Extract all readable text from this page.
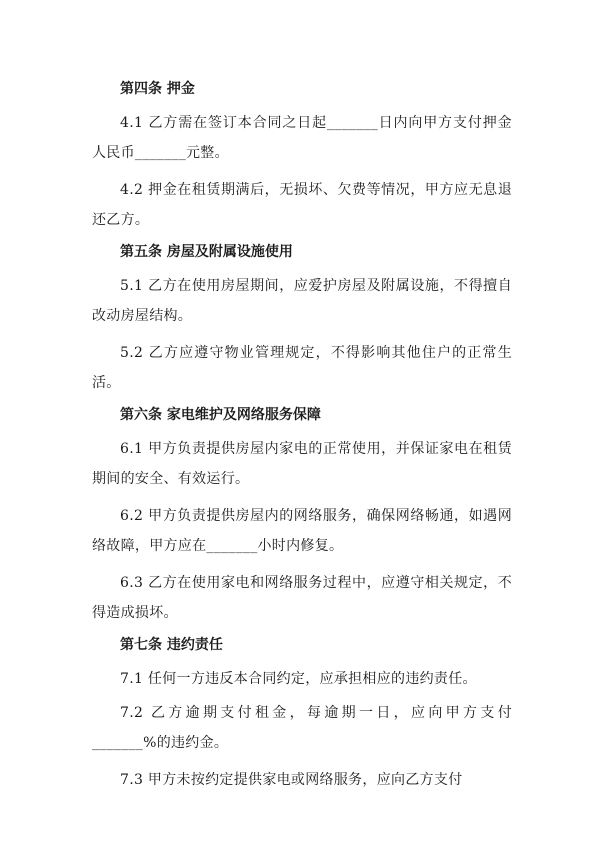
第四条 押金
4.1 乙方需在签订本合同之日起_______日内向甲方支付押金人民币_______元整。
4.2 押金在租赁期满后，无损坏、欠费等情况，甲方应无息退还乙方。
第五条 房屋及附属设施使用
5.1 乙方在使用房屋期间，应爱护房屋及附属设施，不得擅自改动房屋结构。
5.2 乙方应遵守物业管理规定，不得影响其他住户的正常生活。
第六条 家电维护及网络服务保障
6.1 甲方负责提供房屋内家电的正常使用，并保证家电在租赁期间的安全、有效运行。
6.2 甲方负责提供房屋内的网络服务，确保网络畅通，如遇网络故障，甲方应在_______小时内修复。
6.3 乙方在使用家电和网络服务过程中，应遵守相关规定，不得造成损坏。
第七条 违约责任
7.1 任何一方违反本合同约定，应承担相应的违约责任。
7.2 乙方逾期支付租金，每逾期一日，应向甲方支付_______%的违约金。
7.3 甲方未按约定提供家电或网络服务，应向乙方支付
